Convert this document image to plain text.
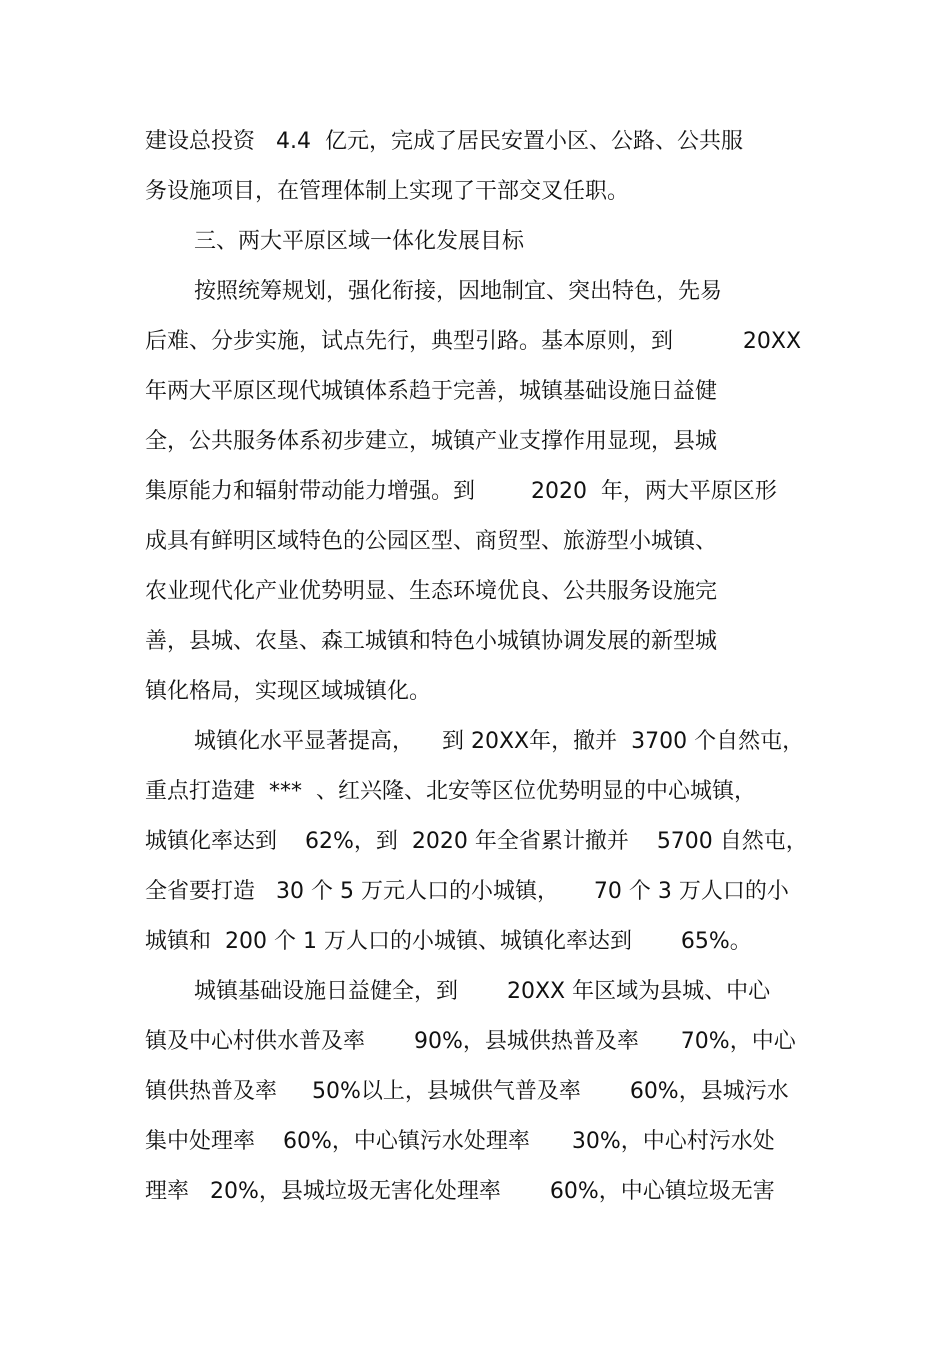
建设总投资   4.4  亿元，完成了居民安置小区、公路、公共服
务设施项目，在管理体制上实现了干部交叉任职。
三、两大平原区域一体化发展目标
按照统筹规划，强化衔接，因地制宜、突出特色，先易
后难、分步实施，试点先行，典型引路。基本原则，到          20XX
年两大平原区现代城镇体系趋于完善，城镇基础设施日益健
全，公共服务体系初步建立，城镇产业支撑作用显现，县城
集原能力和辐射带动能力增强。到        2020  年，两大平原区形
成具有鲜明区域特色的公园区型、商贸型、旅游型小城镇、
农业现代化产业优势明显、生态环境优良、公共服务设施完
善，县城、农垦、森工城镇和特色小城镇协调发展的新型城
镇化格局，实现区域城镇化。
城镇化水平显著提高，    到 20XX年，撤并  3700 个自然屯，
重点打造建  ***  、红兴隆、北安等区位优势明显的中心城镇，
城镇化率达到    62%，到  2020 年全省累计撤并    5700 自然屯，
全省要打造   30 个 5 万元人口的小城镇，     70 个 3 万人口的小
城镇和  200 个 1 万人口的小城镇、城镇化率达到       65%。
城镇基础设施日益健全，到       20XX 年区域为县城、中心
镇及中心村供水普及率       90%，县城供热普及率      70%，中心
镇供热普及率     50%以上，县城供气普及率       60%，县城污水
集中处理率    60%，中心镇污水处理率      30%，中心村污水处
理率   20%，县城垃圾无害化处理率       60%，中心镇垃圾无害
